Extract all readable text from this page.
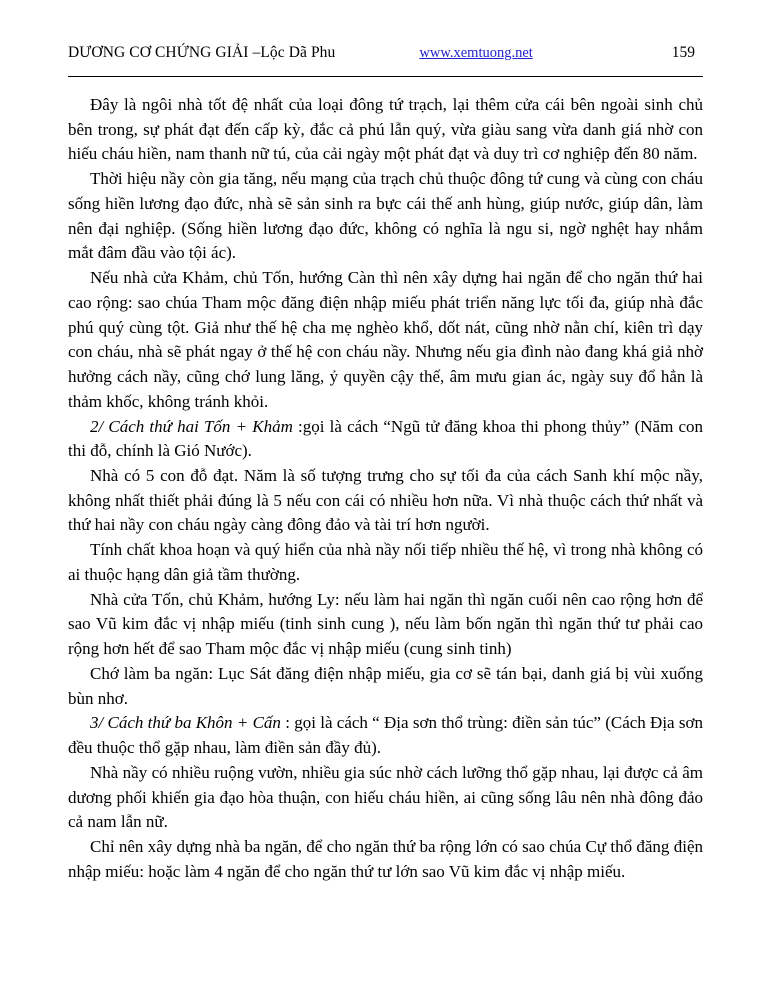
DƯƠNG CƠ CHỨNG GIẢI –Lộc Dã Phu	www.xemtuong.net	159

Đây là ngôi nhà tốt đệ nhất của loại đông tứ trạch, lại thêm cửa cái bên ngoài sinh chủ bên trong, sự phát đạt đến cấp kỳ, đắc cả phú lẫn quý, vừa giàu sang vừa danh giá nhờ con hiếu cháu hiền, nam thanh nữ tú, của cải ngày một phát đạt và duy trì cơ nghiệp đến 80 năm.

Thời hiệu nầy còn gia tăng, nếu mạng của trạch chủ thuộc đông tứ cung và cùng con cháu sống hiền lương đạo đức, nhà sẽ sản sinh ra bực cái thế anh hùng, giúp nước, giúp dân, làm nên đại nghiệp. (Sống hiền lương đạo đức, không có nghĩa là ngu si, ngờ nghệt hay nhắm mắt đâm đầu vào tội ác).

Nếu nhà cửa Khảm, chủ Tốn, hướng Càn thì nên xây dựng hai ngăn để cho ngăn thứ hai cao rộng: sao chúa Tham mộc đăng điện nhập miếu phát triển năng lực tối đa, giúp nhà đắc phú quý cùng tột. Giả như thế hệ cha mẹ nghèo khổ, dốt nát, cũng nhờ nằn chí, kiên trì dạy con cháu, nhà sẽ phát ngay ở thế hệ con cháu nầy. Nhưng nếu gia đình nào đang khá giả nhờ hưởng cách nầy, cũng chớ lung lăng, ỷ quyền cậy thế, âm mưu gian ác, ngày suy đổ hẳn là thảm khốc, không tránh khỏi.

2/ Cách thứ hai Tốn + Khảm :gọi là cách “Ngũ tử đăng khoa thi phong thủy” (Năm con thi đỗ, chính là Gió Nước).

Nhà có 5 con đỗ đạt. Năm là số tượng trưng cho sự tối đa của cách Sanh khí mộc nầy, không nhất thiết phải đúng là 5 nếu con cái có nhiều hơn nữa. Vì nhà thuộc cách thứ nhất và thứ hai nầy con cháu ngày càng đông đảo và tài trí hơn người.

Tính chất khoa hoạn và quý hiển của nhà nầy nối tiếp nhiều thế hệ, vì trong nhà không có ai thuộc hạng dân giả tầm thường.

Nhà cửa Tốn, chủ Khảm, hướng Ly: nếu làm hai ngăn thì ngăn cuối nên cao rộng hơn để sao Vũ kim đắc vị nhập miếu (tinh sinh cung ), nếu làm bốn ngăn thì ngăn thứ tư phải cao rộng hơn hết để sao Tham mộc đắc vị nhập miếu (cung sinh tinh)

Chớ làm ba ngăn: Lục Sát đăng điện nhập miếu, gia cơ sẽ tán bại, danh giá bị vùi xuống bùn nhơ.

3/ Cách thứ ba Khôn + Cấn : gọi là cách “ Địa sơn thổ trùng: điền sản túc” (Cách Địa sơn đều thuộc thổ gặp nhau, làm điền sản đầy đủ).

Nhà nầy có nhiều ruộng vườn, nhiều gia súc nhờ cách lưỡng thổ gặp nhau, lại được cả âm dương phối khiến gia đạo hòa thuận, con hiếu cháu hiền, ai cũng sống lâu nên nhà đông đảo cả nam lẫn nữ.

Chỉ nên xây dựng nhà ba ngăn, để cho ngăn thứ ba rộng lớn có sao chúa Cự thổ đăng điện nhập miếu: hoặc làm 4 ngăn để cho ngăn thứ tư lớn sao Vũ kim đắc vị nhập miếu.
